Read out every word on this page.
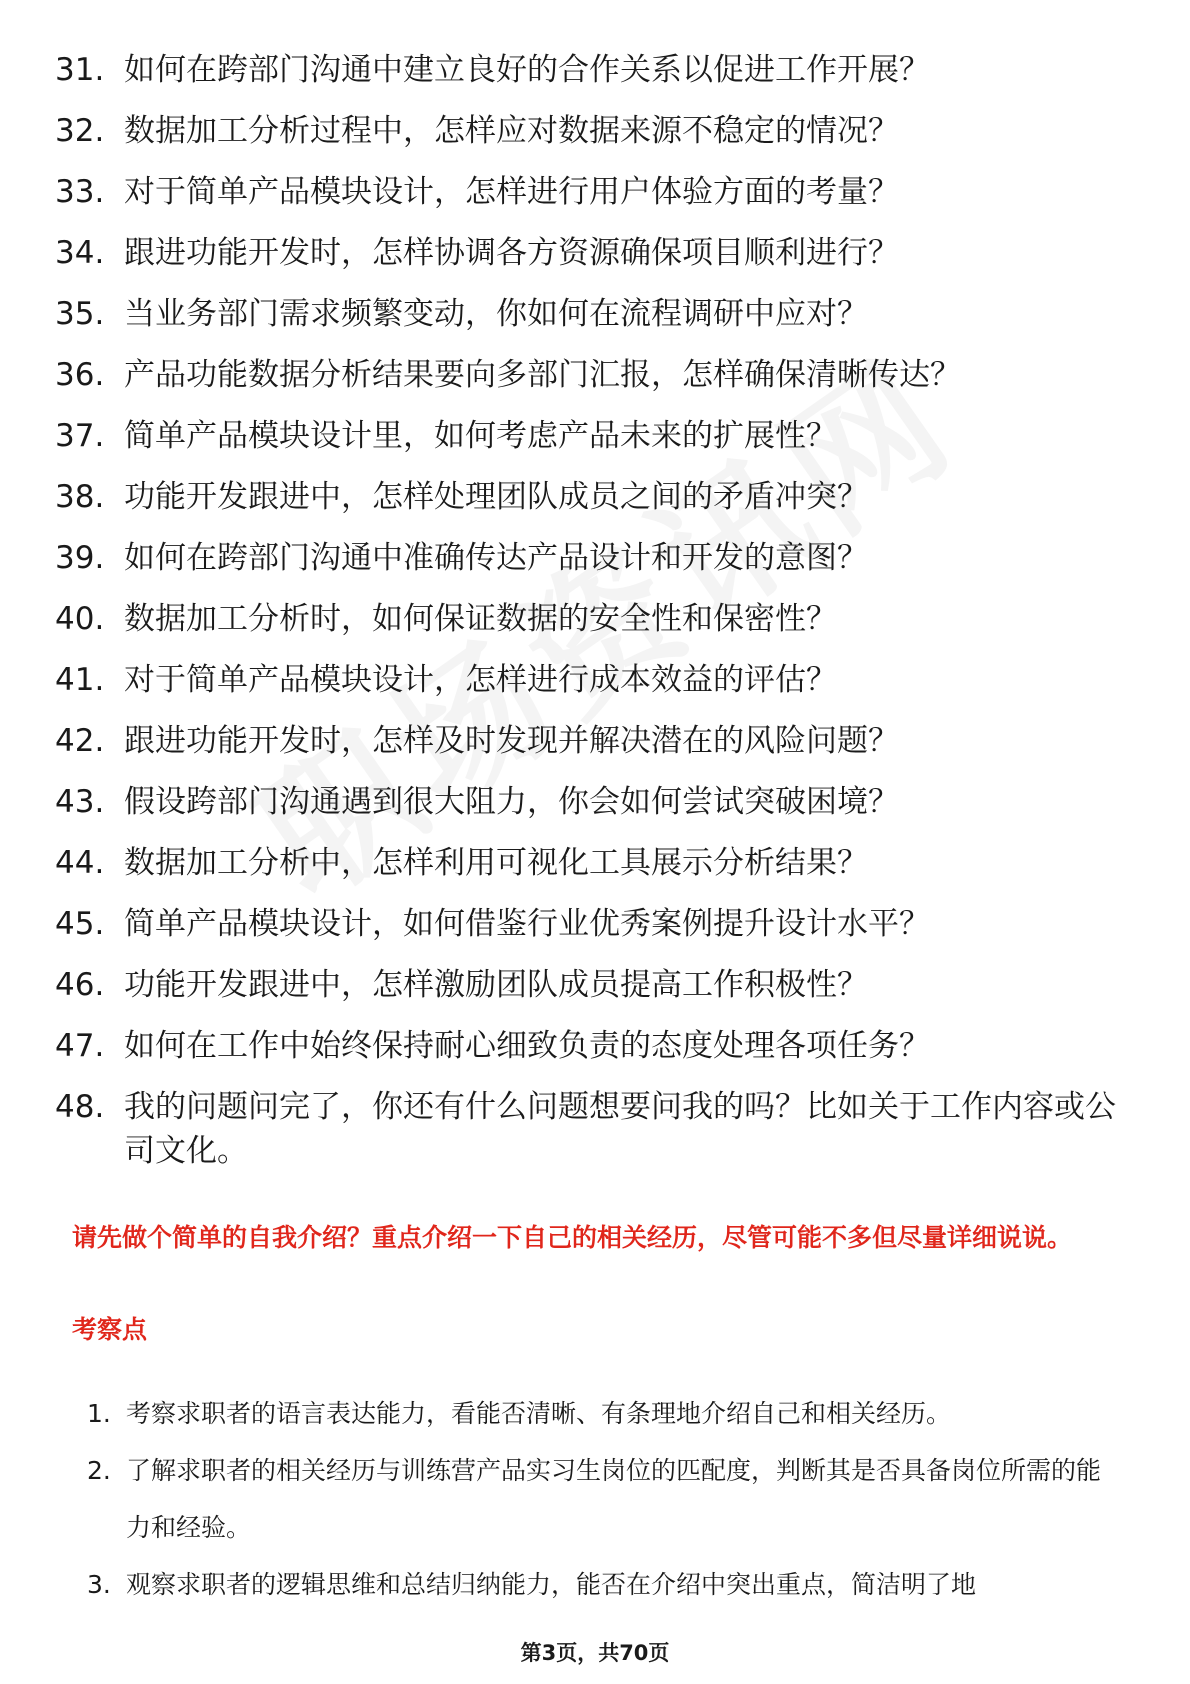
31. 如何在跨部门沟通中建立良好的合作关系以促进工作开展？
32. 数据加工分析过程中，怎样应对数据来源不稳定的情况？
33. 对于简单产品模块设计，怎样进行用户体验方面的考量？
34. 跟进功能开发时，怎样协调各方资源确保项目顺利进行？
35. 当业务部门需求频繁变动，你如何在流程调研中应对？
36. 产品功能数据分析结果要向多部门汇报，怎样确保清晰传达？
37. 简单产品模块设计里，如何考虑产品未来的扩展性？
38. 功能开发跟进中，怎样处理团队成员之间的矛盾冲突？
39. 如何在跨部门沟通中准确传达产品设计和开发的意图？
40. 数据加工分析时，如何保证数据的安全性和保密性？
41. 对于简单产品模块设计，怎样进行成本效益的评估？
42. 跟进功能开发时，怎样及时发现并解决潜在的风险问题？
43. 假设跨部门沟通遇到很大阻力，你会如何尝试突破困境？
44. 数据加工分析中，怎样利用可视化工具展示分析结果？
45. 简单产品模块设计，如何借鉴行业优秀案例提升设计水平？
46. 功能开发跟进中，怎样激励团队成员提高工作积极性？
47. 如何在工作中始终保持耐心细致负责的态度处理各项任务？
48. 我的问题问完了，你还有什么问题想要问我的吗？比如关于工作内容或公司文化。
请先做个简单的自我介绍？重点介绍一下自己的相关经历，尽管可能不多但尽量详细说说。
考察点
1. 考察求职者的语言表达能力，看能否清晰、有条理地介绍自己和相关经历。
2. 了解求职者的相关经历与训练营产品实习生岗位的匹配度，判断其是否具备岗位所需的能力和经验。
3. 观察求职者的逻辑思维和总结归纳能力，能否在介绍中突出重点，简洁明了地
第3页，共70页
